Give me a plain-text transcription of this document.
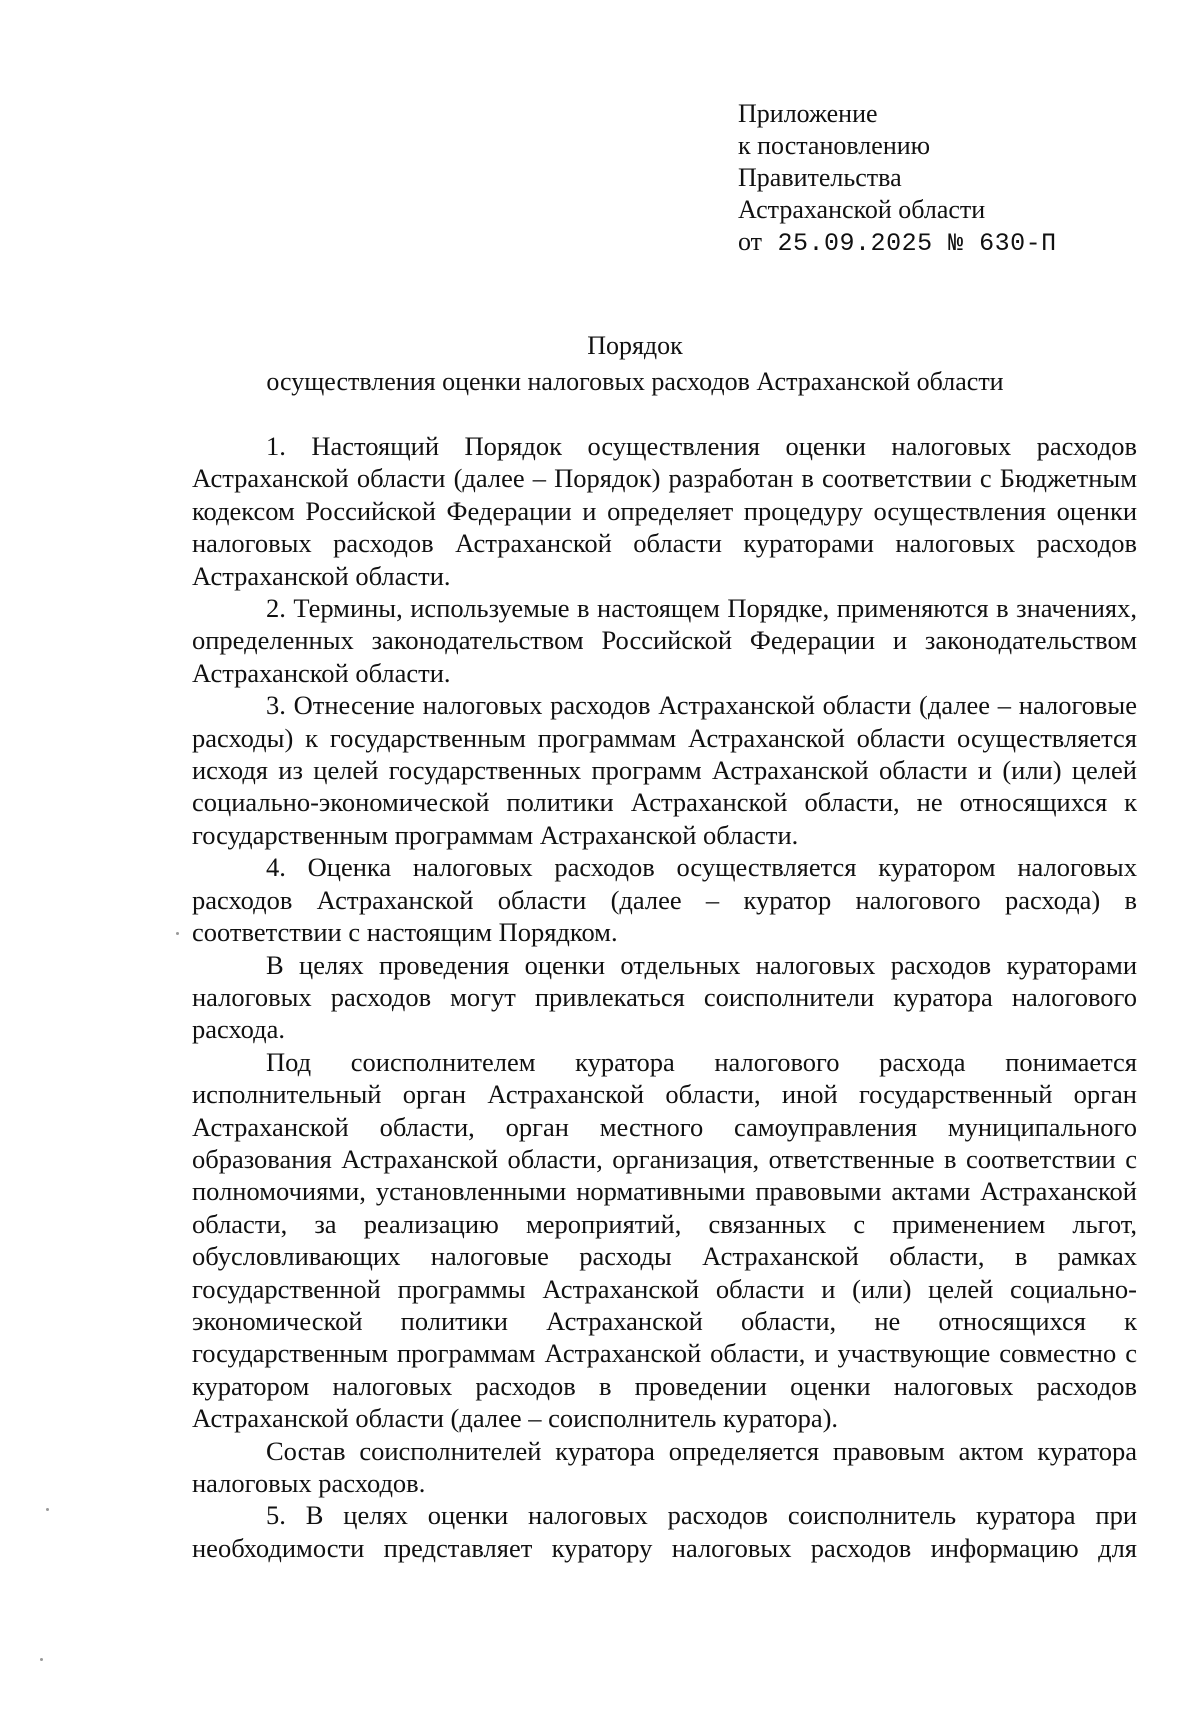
Приложение
к постановлению
Правительства
Астраханской области
от 25.09.2025 № 630-П
Порядок
осуществления оценки налоговых расходов Астраханской области

1. Настоящий Порядок осуществления оценки налоговых расходов Астраханской области (далее – Порядок) разработан в соответствии с Бюджетным кодексом Российской Федерации и определяет процедуру осуществления оценки налоговых расходов Астраханской области кураторами налоговых расходов Астраханской области.

2. Термины, используемые в настоящем Порядке, применяются в значениях, определенных законодательством Российской Федерации и законодательством Астраханской области.

3. Отнесение налоговых расходов Астраханской области (далее – налоговые расходы) к государственным программам Астраханской области осуществляется исходя из целей государственных программ Астраханской области и (или) целей социально-экономической политики Астраханской области, не относящихся к государственным программам Астраханской области.

4. Оценка налоговых расходов осуществляется куратором налоговых расходов Астраханской области (далее – куратор налогового расхода) в соответствии с настоящим Порядком.

В целях проведения оценки отдельных налоговых расходов кураторами налоговых расходов могут привлекаться соисполнители куратора налогового расхода.

Под соисполнителем куратора налогового расхода понимается исполнительный орган Астраханской области, иной государственный орган Астраханской области, орган местного самоуправления муниципального образования Астраханской области, организация, ответственные в соответствии с полномочиями, установленными нормативными правовыми актами Астраханской области, за реализацию мероприятий, связанных с применением льгот, обусловливающих налоговые расходы Астраханской области, в рамках государственной программы Астраханской области и (или) целей социально-экономической политики Астраханской области, не относящихся к государственным программам Астраханской области, и участвующие совместно с куратором налоговых расходов в проведении оценки налоговых расходов Астраханской области (далее – соисполнитель куратора).

Состав соисполнителей куратора определяется правовым актом куратора налоговых расходов.

5. В целях оценки налоговых расходов соисполнитель куратора при необходимости представляет куратору налоговых расходов информацию для
